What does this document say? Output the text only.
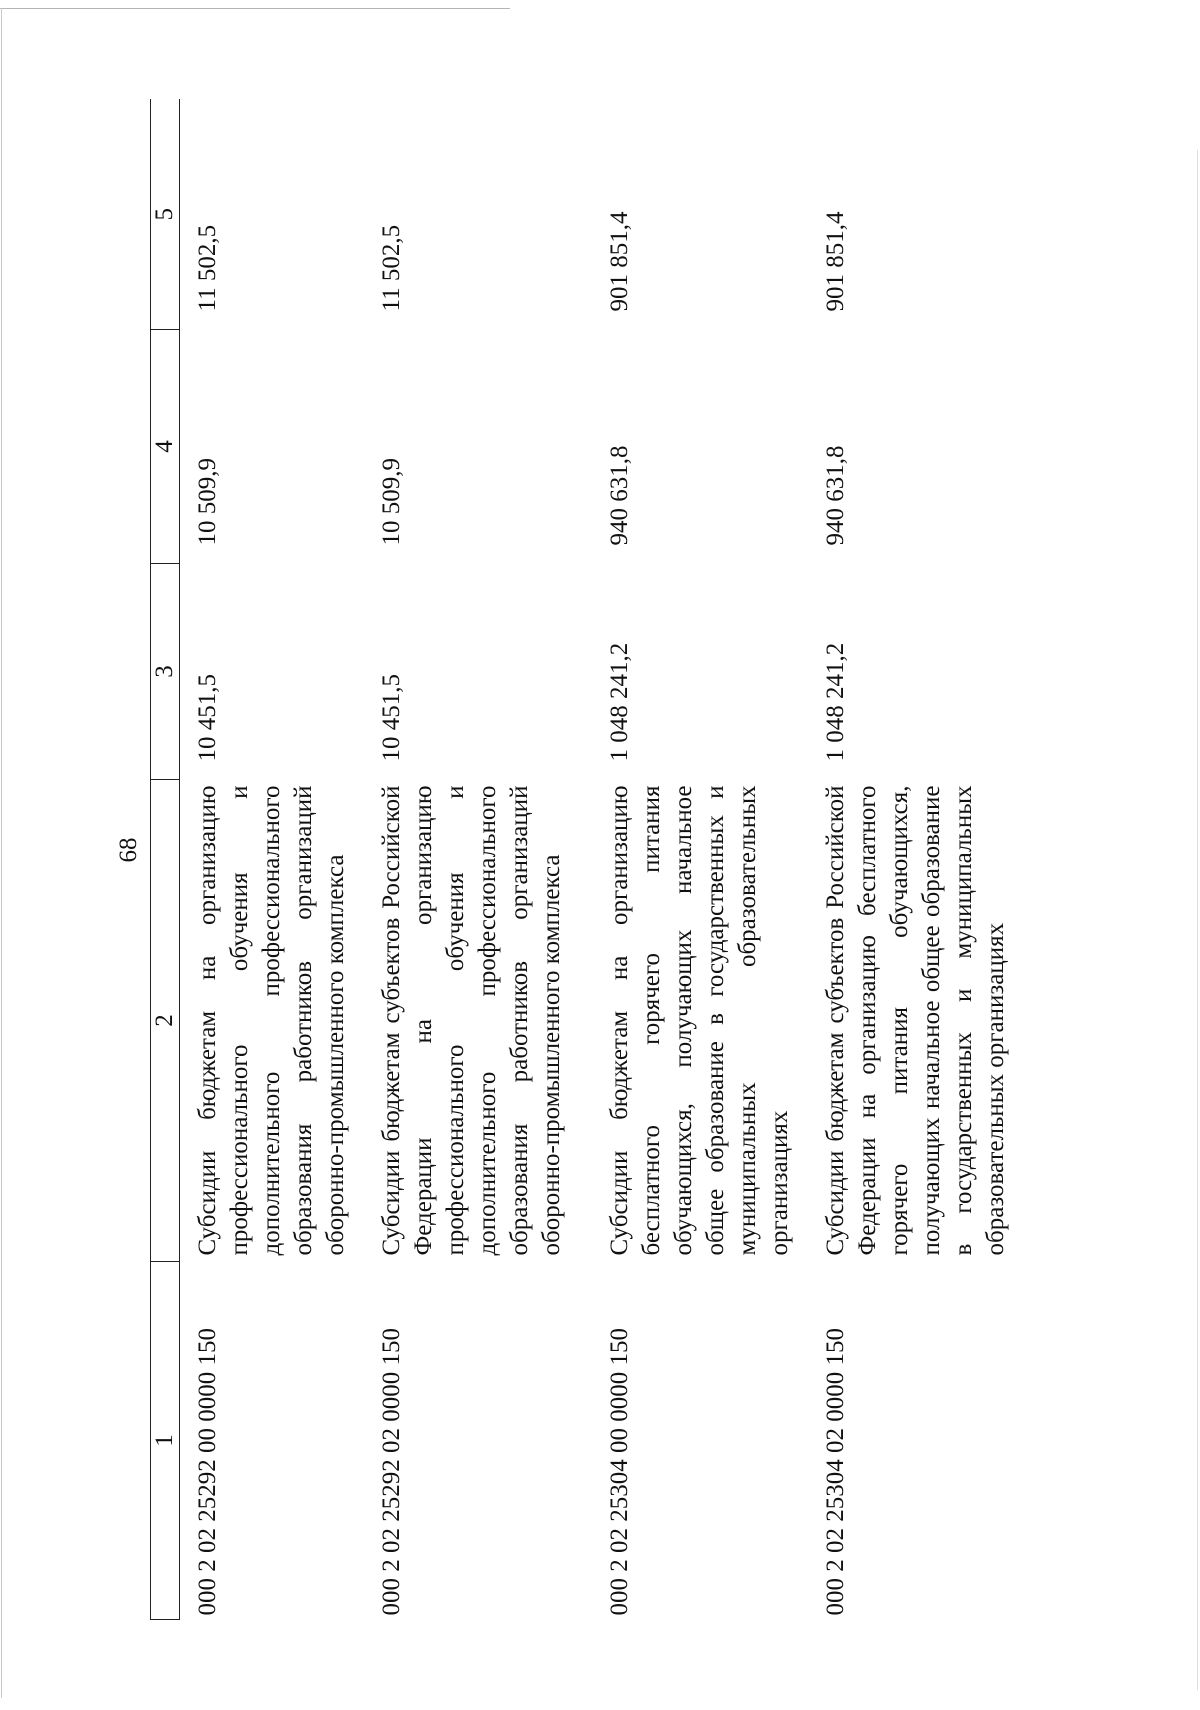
68
1	2	3	4	5
000 2 02 25292 00 0000 150	Субсидии бюджетам на организацию профессионального обучения и дополнительного профессионального образования работников организаций оборонно-промышленного комплекса	10 451,5	10 509,9	11 502,5
000 2 02 25292 02 0000 150	Субсидии бюджетам субъектов Российской Федерации на организацию профессионального обучения и дополнительного профессионального образования работников организаций оборонно-промышленного комплекса	10 451,5	10 509,9	11 502,5
000 2 02 25304 00 0000 150	Субсидии бюджетам на организацию бесплатного горячего питания обучающихся, получающих начальное общее образование в государственных и муниципальных образовательных организациях	1 048 241,2	940 631,8	901 851,4
000 2 02 25304 02 0000 150	Субсидии бюджетам субъектов Российской Федерации на организацию бесплатного горячего питания обучающихся, получающих начальное общее образование в государственных и муниципальных образовательных организациях	1 048 241,2	940 631,8	901 851,4
